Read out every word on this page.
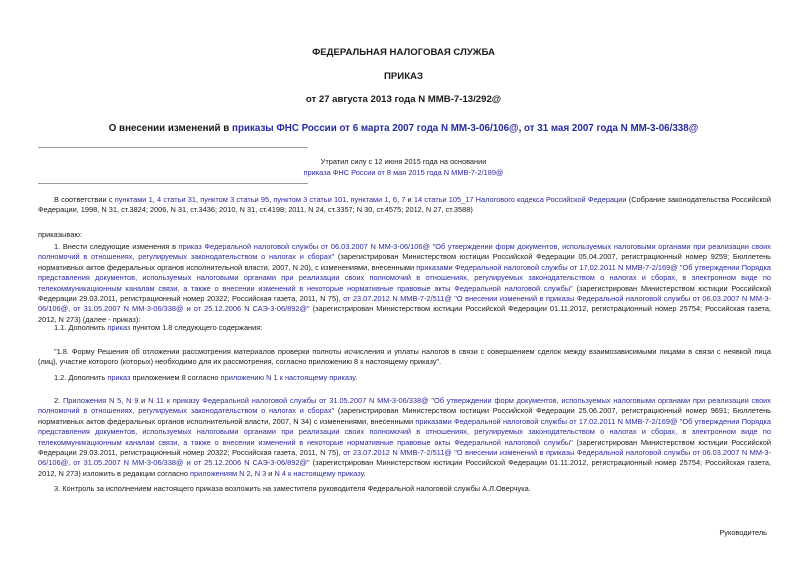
ФЕДЕРАЛЬНАЯ НАЛОГОВАЯ СЛУЖБА
ПРИКАЗ
от 27 августа 2013 года N ММВ-7-13/292@
О внесении изменений в приказы ФНС России от 6 марта 2007 года N ММ-3-06/106@, от 31 мая 2007 года N ММ-3-06/338@
Утратил силу с 12 июня 2015 года на основании
приказа ФНС России от 8 мая 2015 года N ММВ-7-2/189@

В соответствии с пунктами 1, 4 статьи 31, пунктом 3 статьи 95, пунктом 3 статьи 101, пунктами 1, 6, 7 и 14 статьи 105_17 Налогового кодекса Российской Федерации (Собрание законодательства Российской Федерации, 1998, N 31, ст.3824; 2006, N 31, ст.3436; 2010, N 31, ст.4198; 2011, N 24, ст.3357; N 30, ст.4575; 2012, N 27, ст.3588)

приказываю:

1. Внести следующие изменения в приказ Федеральной налоговой службы от 06.03.2007 N ММ-3-06/106@ "Об утверждении форм документов, используемых налоговыми органами при реализации своих полномочий в отношениях, регулируемых законодательством о налогах и сборах" (зарегистрирован Министерством юстиции Российской Федерации 05.04.2007, регистрационный номер 9259; Бюллетень нормативных актов федеральных органов исполнительной власти, 2007, N 20), с изменениями, внесенными приказами Федеральной налоговой службы от 17.02.2011 N ММВ-7-2/169@ "Об утверждении Порядка представления документов, используемых налоговыми органами при реализации своих полномочий в отношениях, регулируемых законодательством о налогах и сборах, в электронном виде по телекоммуникационным каналам связи, а также о внесении изменений в некоторые нормативные правовые акты Федеральной налоговой службы" (зарегистрирован Министерством юстиции Российской Федерации 29.03.2011, регистрационный номер 20322; Российская газета, 2011, N 75), от 23.07.2012 N ММВ-7-2/511@ "О внесении изменений в приказы Федеральной налоговой службы от 06.03.2007 N ММ-3-06/106@, от 31.05.2007 N ММ-3-06/338@ и от 25.12.2006 N САЭ-3-06/892@" (зарегистрирован Министерством юстиции Российской Федерации 01.11.2012, регистрационный номер 25754; Российская газета, 2012, N 273) (далее - приказ):

1.1. Дополнить приказ пунктом 1.8 следующего содержания:

"1.8. Форму Решения об отложении рассмотрения материалов проверки полноты исчисления и уплаты налогов в связи с совершением сделок между взаимозависимыми лицами в связи с неявкой лица (лиц), участие которого (которых) необходимо для их рассмотрения, согласно приложению 8 к настоящему приказу".

1.2. Дополнить приказ приложением 8 согласно приложению N 1 к настоящему приказу.

2. Приложения N 5, N 9 и N 11 к приказу Федеральной налоговой службы от 31.05.2007 N ММ-3-06/338@ "Об утверждении форм документов, используемых налоговыми органами при реализации своих полномочий в отношениях, регулируемых законодательством о налогах и сборах" (зарегистрирован Министерством юстиции Российской Федерации 25.06.2007, регистрационный номер 9691; Бюллетень нормативных актов федеральных органов исполнительной власти, 2007, N 34) с изменениями, внесенными приказами Федеральной налоговой службы от 17.02.2011 N ММВ-7-2/169@ "Об утверждении Порядка представления документов, используемых налоговыми органами при реализации своих полномочий в отношениях, регулируемых законодательством о налогах и сборах, в электронном виде по телекоммуникационным каналам связи, а также о внесении изменений в некоторые нормативные правовые акты Федеральной налоговой службы" (зарегистрирован Министерством юстиции Российской Федерации 29.03.2011, регистрационный номер 20322; Российская газета, 2011, N 75), от 23.07.2012 N ММВ-7-2/511@ "О внесении изменений в приказы Федеральной налоговой службы от 06.03.2007 N ММ-3-06/106@, от 31.05.2007 N ММ-3-06/338@ и от 25.12.2006 N САЭ-3-06/892@" (зарегистрирован Министерством юстиции Российской Федерации 01.11.2012, регистрационный номер 25754; Российская газета, 2012, N 273) изложить в редакции согласно приложениям N 2, N 3 и N 4 к настоящему приказу.

3. Контроль за исполнением настоящего приказа возложить на заместителя руководителя Федеральной налоговой службы А.Л.Оверчука.

Руководитель
